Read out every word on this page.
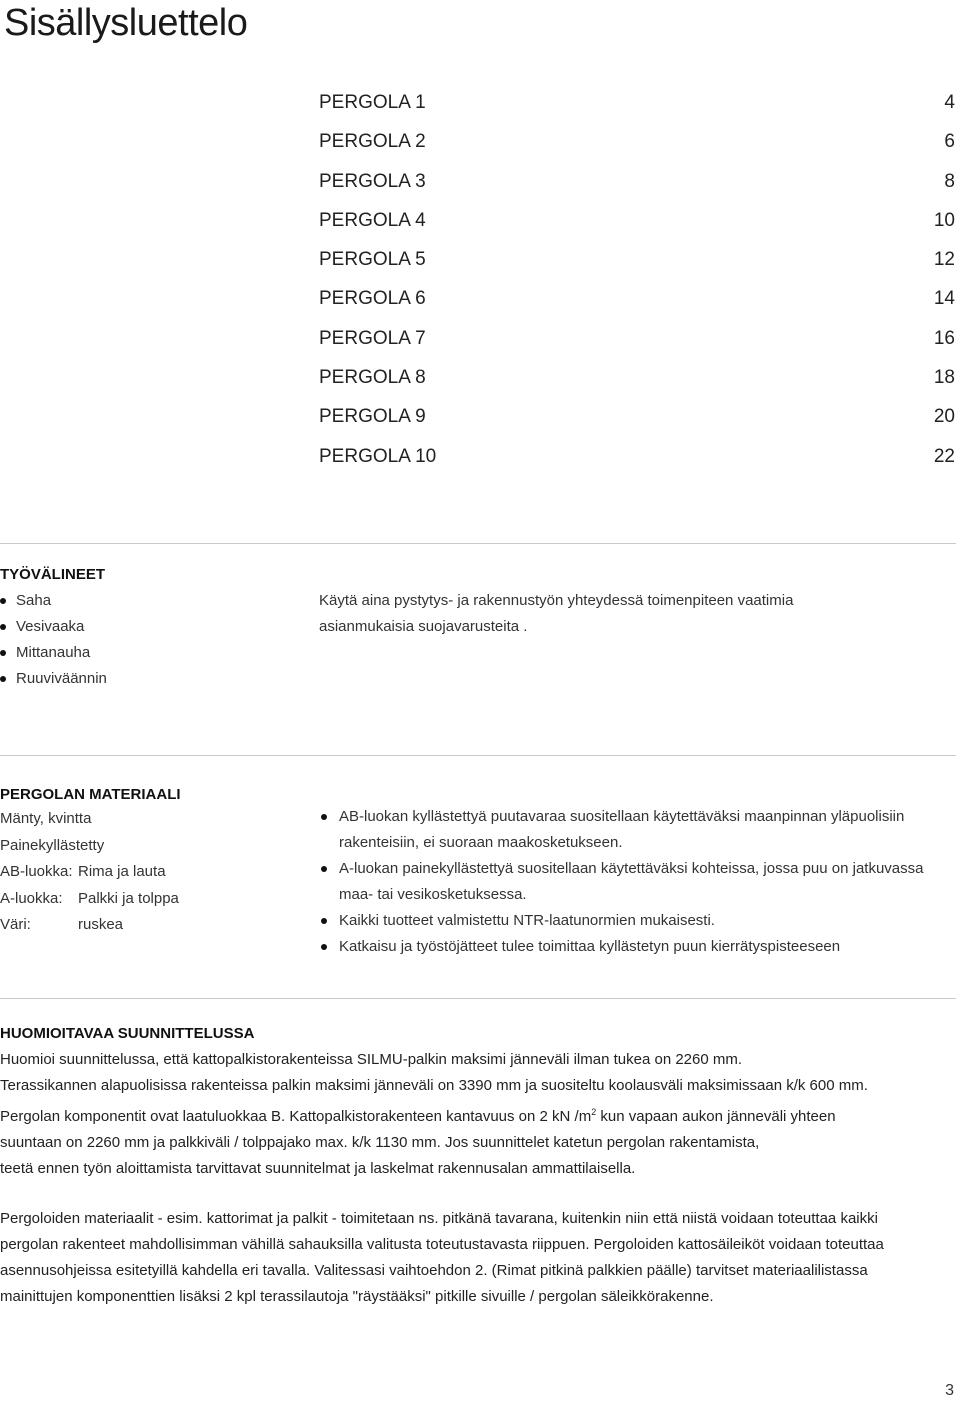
Sisällysluettelo
PERGOLA 1	4
PERGOLA 2	6
PERGOLA 3	8
PERGOLA 4	10
PERGOLA 5	12
PERGOLA 6	14
PERGOLA 7	16
PERGOLA 8	18
PERGOLA 9	20
PERGOLA 10	22
TYÖVÄLINEET
Saha
Vesivaaka
Mittanauha
Ruuviväännin
Käytä aina pystytys- ja rakennustyön yhteydessä toimenpiteen vaatimia
asianmukaisia suojavarusteita .
PERGOLAN MATERIAALI
Mänty, kvintta
Painekyllästetty
AB-luokka: Rima ja lauta
A-luokka:	Palkki ja tolppa
Väri:	ruskea
AB-luokan kyllästettyä puutavaraa suositellaan käytettäväksi maanpinnan yläpuolisiin
rakenteisiin, ei suoraan maakosketukseen.
A-luokan painekyllästettyä suositellaan käytettäväksi kohteissa, jossa puu on jatkuvassa
maa- tai vesikosketuksessa.
Kaikki tuotteet valmistettu NTR-laatunormien mukaisesti.
Katkaisu ja työstöjätteet tulee toimittaa kyllästetyn puun kierrätyspisteeseen
HUOMIOITAVAA SUUNNITTELUSSA
Huomioi suunnittelussa, että kattopalkistorakenteissa SILMU-palkin maksimi jänneväli ilman tukea on 2260 mm.
Terassikannen alapuolisissa rakenteissa palkin maksimi jänneväli on 3390 mm ja suositeltu koolausväli maksimissaan k/k 600 mm.
Pergolan komponentit ovat laatuluokkaa B. Kattopalkistorakenteen kantavuus on 2 kN $/m^2$ kun vapaan aukon jänneväli yhteen
suuntaan on 2260 mm ja palkkiväli / tolppajako max. k/k 1130 mm. Jos suunnittelet katetun pergolan rakentamista,
teetä ennen työn aloittamista tarvittavat suunnitelmat ja laskelmat rakennusalan ammattilaisella.
Pergoloiden materiaalit - esim. kattorimat ja palkit - toimitetaan ns. pitkänä tavarana, kuitenkin niin että niistä voidaan toteuttaa kaikki
pergolan rakenteet mahdollisimman vähillä sahauksilla valitusta toteutustavasta riippuen. Pergoloiden kattosäileiköt voidaan toteuttaa
asennusohjeissa esitetyillä kahdella eri tavalla. Valitessasi vaihtoehdon 2. (Rimat pitkinä palkkien päälle) tarvitset materiaalilistassa
mainittujen komponenttien lisäksi 2 kpl terassilautoja "räystääksi" pitkille sivuille / pergolan säleikkörakenne.
3
